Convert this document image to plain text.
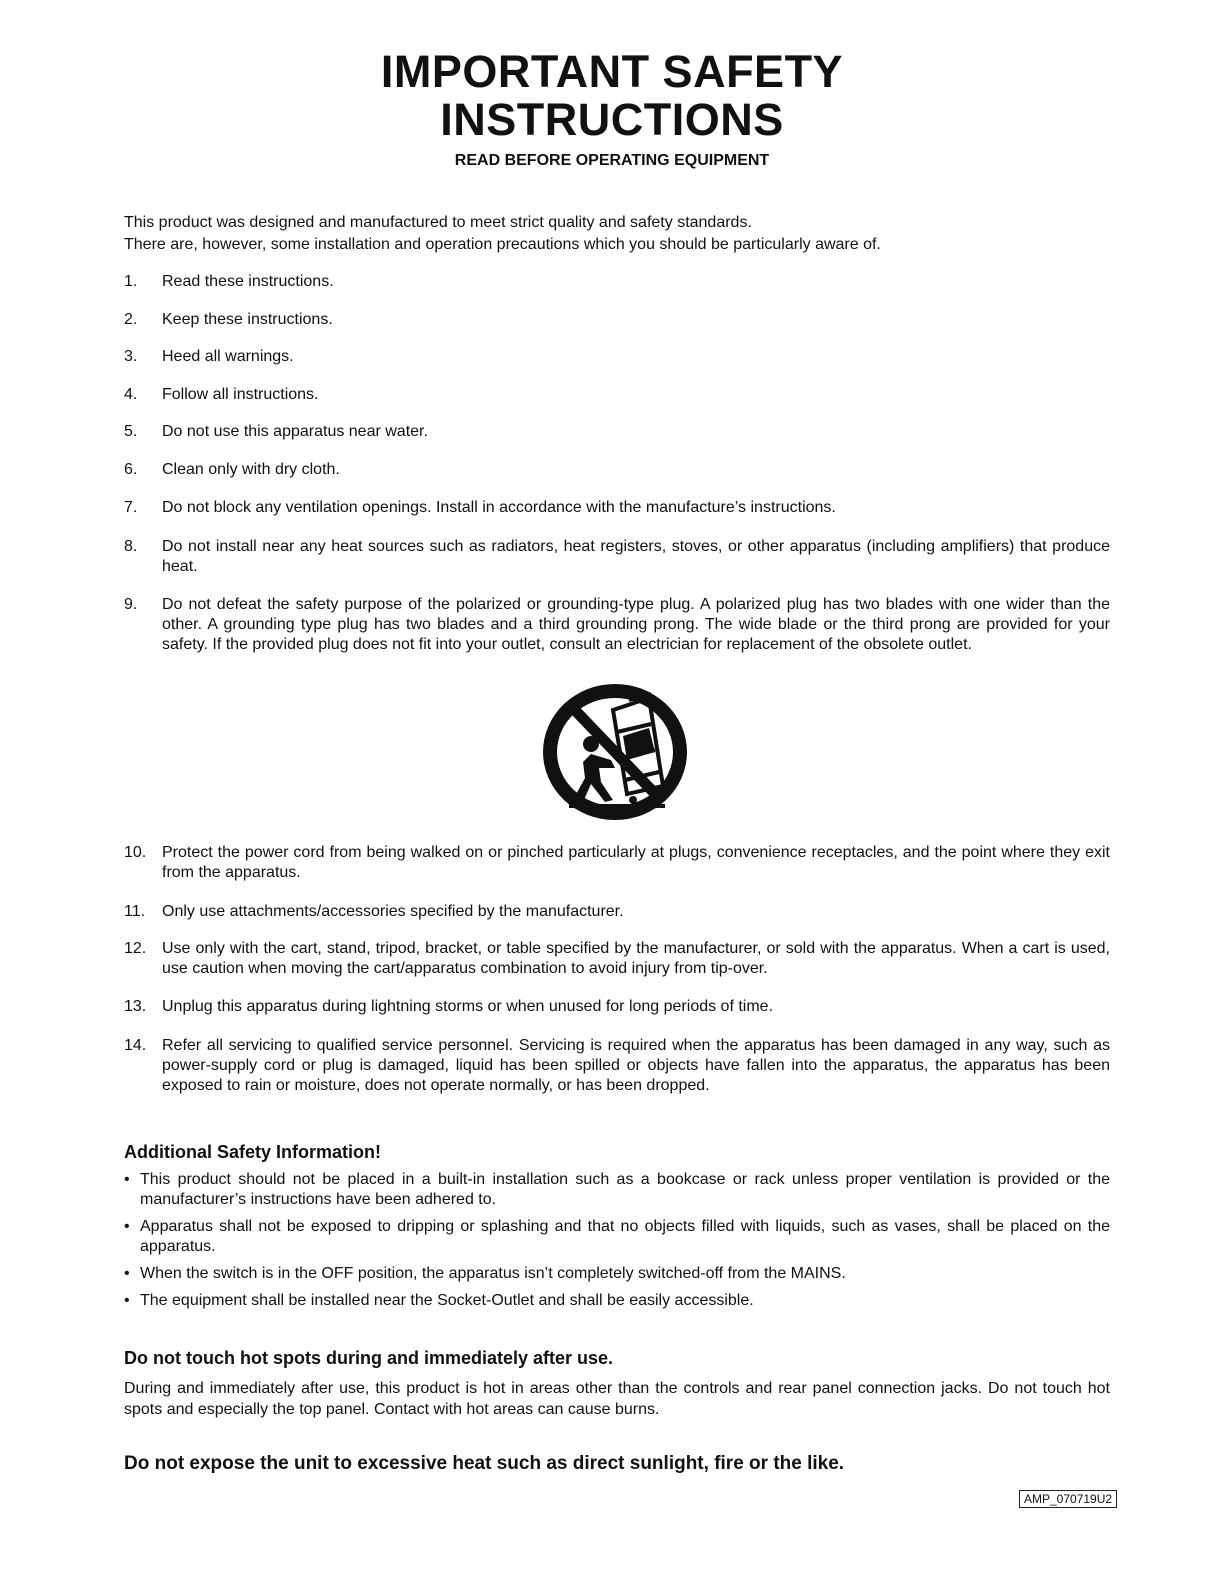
IMPORTANT SAFETY
INSTRUCTIONS
READ BEFORE OPERATING EQUIPMENT
This product was designed and manufactured to meet strict quality and safety standards.
There are, however, some installation and operation precautions which you should be particularly aware of.
1.	Read these instructions.
2.	Keep these instructions.
3.	Heed all warnings.
4.	Follow all instructions.
5.	Do not use this apparatus near water.
6.	Clean only with dry cloth.
7.	Do not block any ventilation openings. Install in accordance with the manufacture’s instructions.
8.	Do not install near any heat sources such as radiators, heat registers, stoves, or other apparatus (including amplifiers) that produce heat.
9.	Do not defeat the safety purpose of the polarized or grounding-type plug. A polarized plug has two blades with one wider than the other. A grounding type plug has two blades and a third grounding prong. The wide blade or the third prong are provided for your safety. If the provided plug does not fit into your outlet, consult an electrician for replacement of the obsolete outlet.
10. Protect the power cord from being walked on or pinched particularly at plugs, convenience receptacles, and the point where they exit from the apparatus.
11.	Only use attachments/accessories specified by the manufacturer.
12. Use only with the cart, stand, tripod, bracket, or table specified by the manufacturer, or sold with the apparatus. When a cart is used, use caution when moving the cart/apparatus combination to avoid injury from tip-over.
13. Unplug this apparatus during lightning storms or when unused for long periods of time.
14. Refer all servicing to qualified service personnel. Servicing is required when the apparatus has been damaged in any way, such as power-supply cord or plug is damaged, liquid has been spilled or objects have fallen into the apparatus, the apparatus has been exposed to rain or moisture, does not operate normally, or has been dropped.
Additional Safety Information!
• This product should not be placed in a built-in installation such as a bookcase or rack unless proper ventilation is provided or the manufacturer’s instructions have been adhered to.
• Apparatus shall not be exposed to dripping or splashing and that no objects filled with liquids, such as vases, shall be placed on the apparatus.
• When the switch is in the OFF position, the apparatus isn’t completely switched-off from the MAINS.
• The equipment shall be installed near the Socket-Outlet and shall be easily accessible.
Do not touch hot spots during and immediately after use.
During and immediately after use, this product is hot in areas other than the controls and rear panel connection jacks. Do not touch hot spots and especially the top panel. Contact with hot areas can cause burns.
Do not expose the unit to excessive heat such as direct sunlight, fire or the like.
AMP_070719U2
